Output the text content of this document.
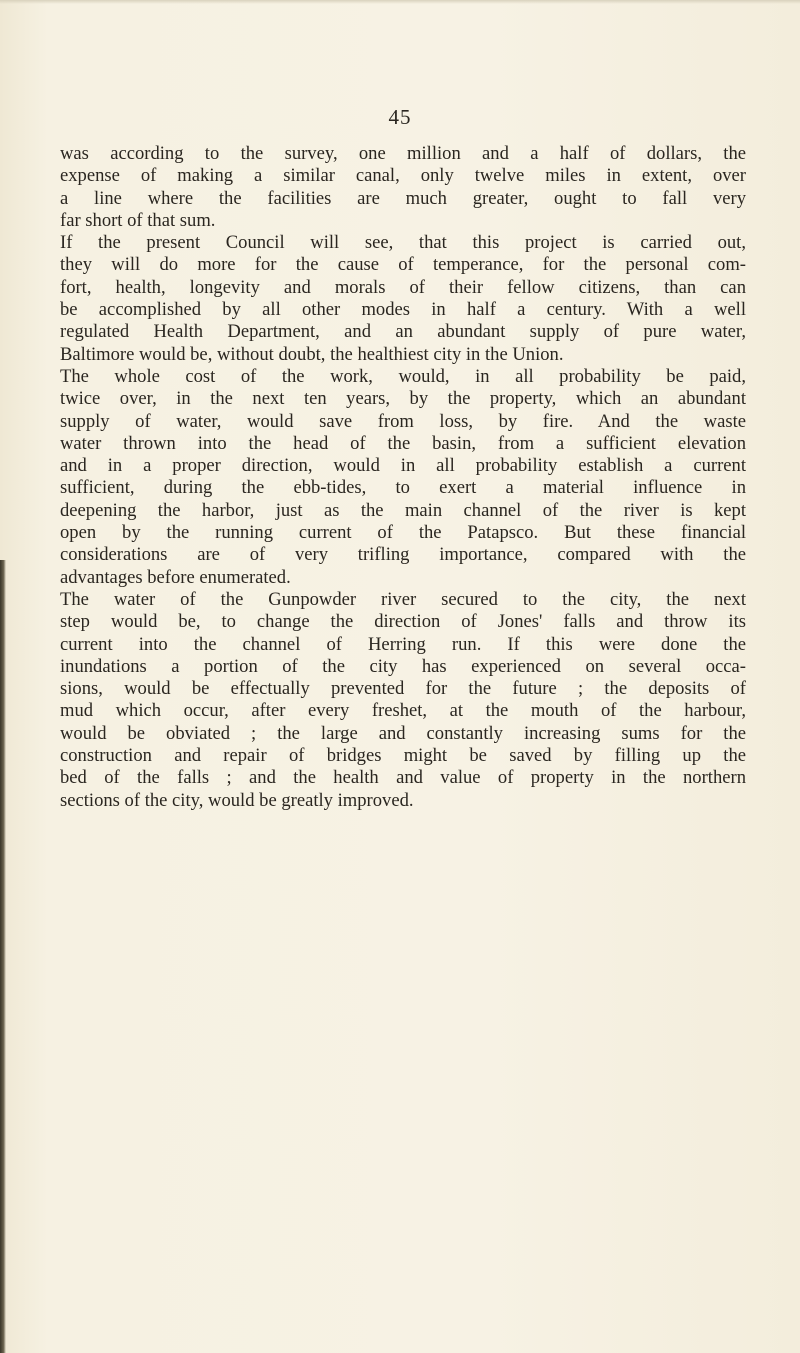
45
was according to the survey, one million and a half of dollars, the
expense of making a similar canal, only twelve miles in extent, over
a line where the facilities are much greater, ought to fall very
far short of that sum.
If the present Council will see, that this project is carried out,
they will do more for the cause of temperance, for the personal com-
fort, health, longevity and morals of their fellow citizens, than can
be accomplished by all other modes in half a century. With a well
regulated Health Department, and an abundant supply of pure water,
Baltimore would be, without doubt, the healthiest city in the Union.
The whole cost of the work, would, in all probability be paid,
twice over, in the next ten years, by the property, which an abundant
supply of water, would save from loss, by fire. And the waste
water thrown into the head of the basin, from a sufficient elevation
and in a proper direction, would in all probability establish a current
sufficient, during the ebb-tides, to exert a material influence in
deepening the harbor, just as the main channel of the river is kept
open by the running current of the Patapsco. But these financial
considerations are of very trifling importance, compared with the
advantages before enumerated.
The water of the Gunpowder river secured to the city, the next
step would be, to change the direction of Jones' falls and throw its
current into the channel of Herring run. If this were done the
inundations a portion of the city has experienced on several occa-
sions, would be effectually prevented for the future ; the deposits of
mud which occur, after every freshet, at the mouth of the harbour,
would be obviated ; the large and constantly increasing sums for the
construction and repair of bridges might be saved by filling up the
bed of the falls ; and the health and value of property in the northern
sections of the city, would be greatly improved.
